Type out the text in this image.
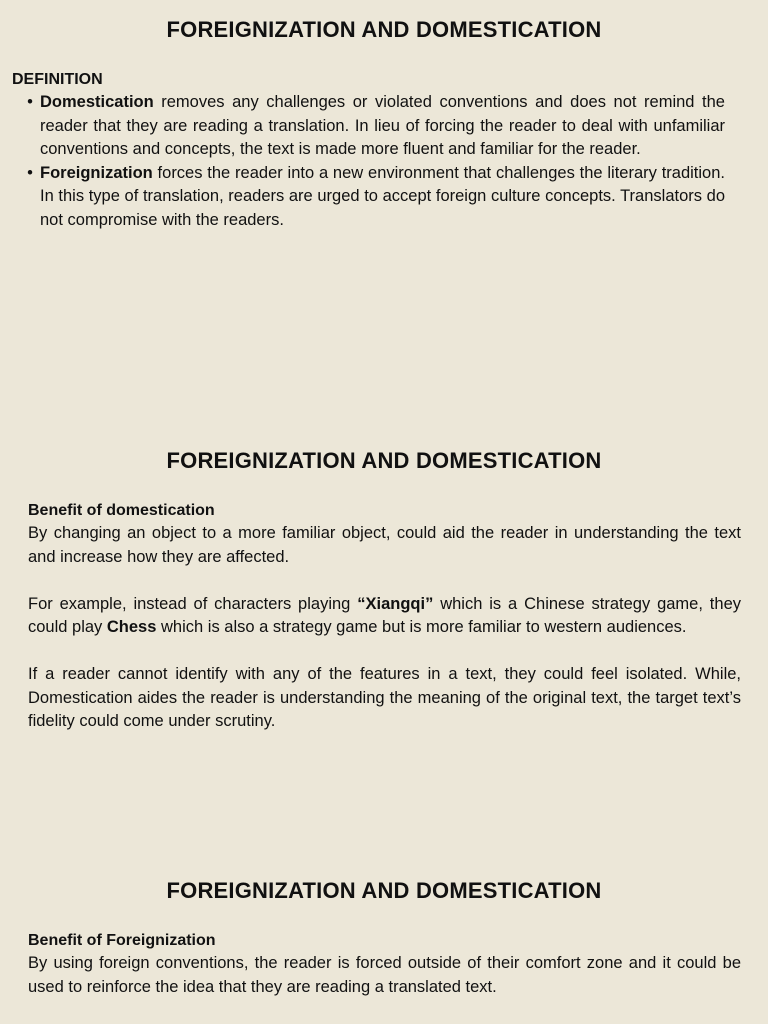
FOREIGNIZATION AND DOMESTICATION

DEFINITION

• Domestication removes any challenges or violated conventions and does not remind the reader that they are reading a translation. In lieu of forcing the reader to deal with unfamiliar conventions and concepts, the text is made more fluent and familiar for the reader.
• Foreignization forces the reader into a new environment that challenges the literary tradition. In this type of translation, readers are urged to accept foreign culture concepts. Translators do not compromise with the readers.
FOREIGNIZATION AND DOMESTICATION

Benefit of domestication

By changing an object to a more familiar object, could aid the reader in understanding the text and increase how they are affected.

For example, instead of characters playing “Xiangqi” which is a Chinese strategy game, they could play Chess which is also a strategy game but is more familiar to western audiences.

If a reader cannot identify with any of the features in a text, they could feel isolated. While, Domestication aides the reader is understanding the meaning of the original text, the target text’s fidelity could come under scrutiny.

FOREIGNIZATION AND DOMESTICATION

Benefit of Foreignization

By using foreign conventions, the reader is forced outside of their comfort zone and it could be used to reinforce the idea that they are reading a translated text.
